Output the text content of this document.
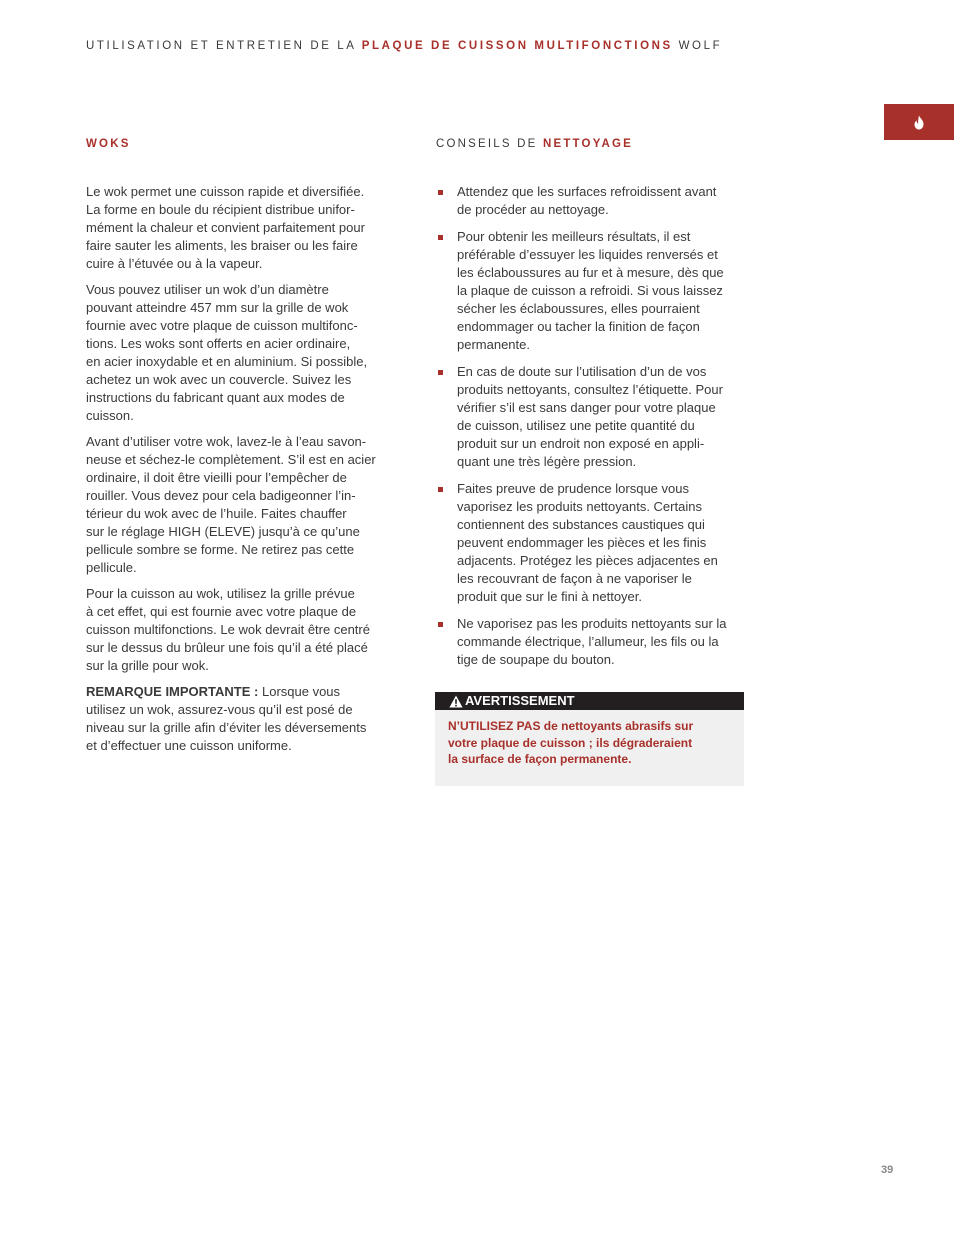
UTILISATION ET ENTRETIEN DE LA PLAQUE DE CUISSON MULTIFONCTIONS WOLF
WOKS

Le wok permet une cuisson rapide et diversifiée.
La forme en boule du récipient distribue unifor-
mément la chaleur et convient parfaitement pour
faire sauter les aliments, les braiser ou les faire
cuire à l’étuvée ou à la vapeur.

Vous pouvez utiliser un wok d’un diamètre
pouvant atteindre 457 mm sur la grille de wok
fournie avec votre plaque de cuisson multifonc-
tions. Les woks sont offerts en acier ordinaire,
en acier inoxydable et en aluminium. Si possible,
achetez un wok avec un couvercle. Suivez les
instructions du fabricant quant aux modes de
cuisson.

Avant d’utiliser votre wok, lavez-le à l’eau savon-
neuse et séchez-le complètement. S’il est en acier
ordinaire, il doit être vieilli pour l’empêcher de
rouiller. Vous devez pour cela badigeonner l’in-
térieur du wok avec de l’huile. Faites chauffer
sur le réglage HIGH (ELEVE) jusqu’à ce qu’une
pellicule sombre se forme. Ne retirez pas cette
pellicule.

Pour la cuisson au wok, utilisez la grille prévue
à cet effet, qui est fournie avec votre plaque de
cuisson multifonctions. Le wok devrait être centré
sur le dessus du brûleur une fois qu’il a été placé
sur la grille pour wok.

REMARQUE IMPORTANTE : Lorsque vous
utilisez un wok, assurez-vous qu’il est posé de
niveau sur la grille afin d’éviter les déversements
et d’effectuer une cuisson uniforme.

CONSEILS DE NETTOYAGE
Attendez que les surfaces refroidissent avant
de procéder au nettoyage.
Pour obtenir les meilleurs résultats, il est
préférable d’essuyer les liquides renversés et
les éclaboussures au fur et à mesure, dès que
la plaque de cuisson a refroidi. Si vous laissez
sécher les éclaboussures, elles pourraient
endommager ou tacher la finition de façon
permanente.
En cas de doute sur l’utilisation d’un de vos
produits nettoyants, consultez l’étiquette. Pour
vérifier s’il est sans danger pour votre plaque
de cuisson, utilisez une petite quantité du
produit sur un endroit non exposé en appli-
quant une très légère pression.
Faites preuve de prudence lorsque vous
vaporisez les produits nettoyants. Certains
contiennent des substances caustiques qui
peuvent endommager les pièces et les finis
adjacents. Protégez les pièces adjacentes en
les recouvrant de façon à ne vaporiser le
produit que sur le fini à nettoyer.
Ne vaporisez pas les produits nettoyants sur la
commande électrique, l’allumeur, les fils ou la
tige de soupape du bouton.
AVERTISSEMENT
N’UTILISEZ PAS de nettoyants abrasifs sur
votre plaque de cuisson ; ils dégraderaient
la surface de façon permanente.
39
